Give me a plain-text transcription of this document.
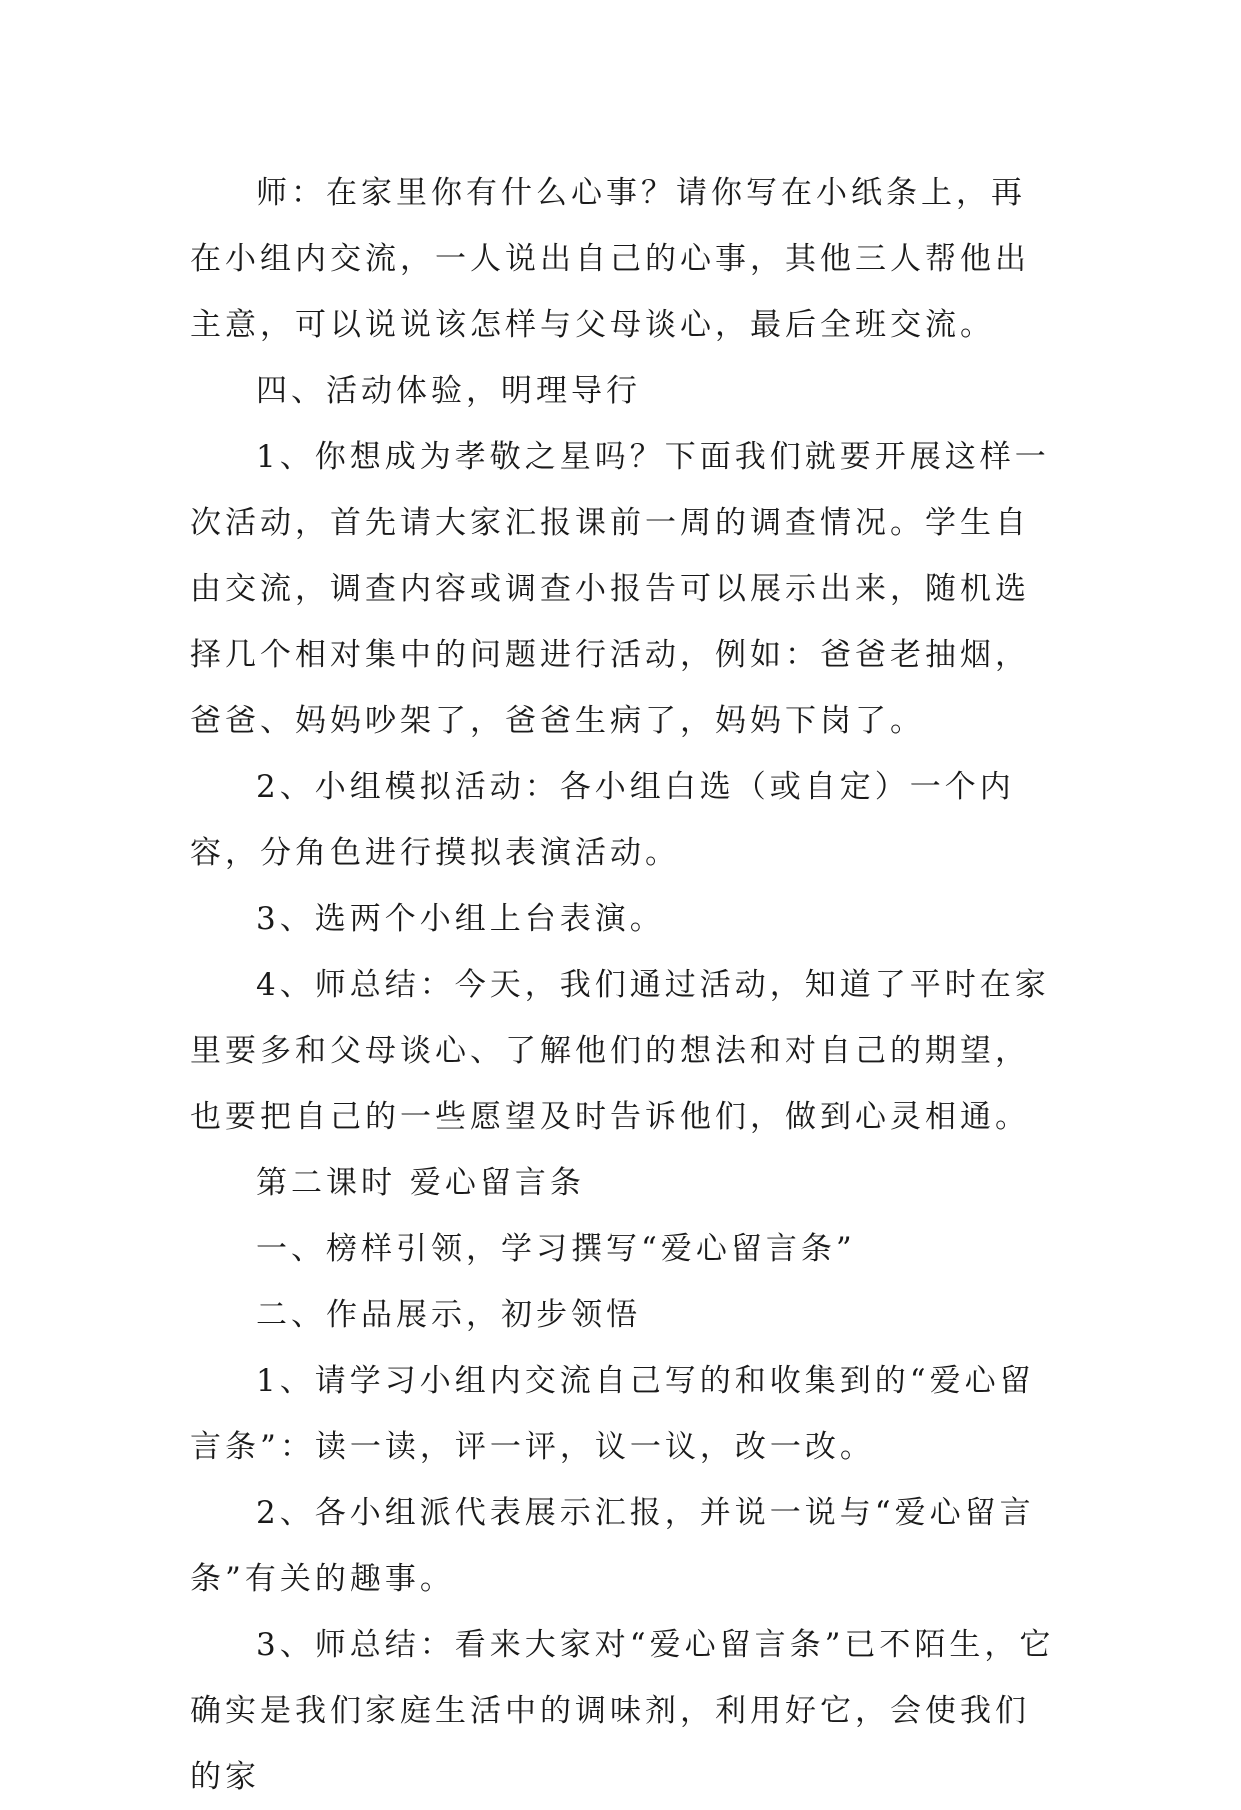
师：在家里你有什么心事？请你写在小纸条上，再在小组内交流，一人说出自己的心事，其他三人帮他出主意，可以说说该怎样与父母谈心，最后全班交流。

四、活动体验，明理导行

1、你想成为孝敬之星吗？下面我们就要开展这样一次活动，首先请大家汇报课前一周的调查情况。学生自由交流，调查内容或调查小报告可以展示出来，随机选择几个相对集中的问题进行活动，例如：爸爸老抽烟，爸爸、妈妈吵架了，爸爸生病了，妈妈下岗了。

2、小组模拟活动：各小组白选（或自定）一个内容，分角色进行摸拟表演活动。

3、选两个小组上台表演。

4、师总结：今天，我们通过活动，知道了平时在家里要多和父母谈心、了解他们的想法和对自己的期望，也要把自己的一些愿望及时告诉他们，做到心灵相通。

第二课时 爱心留言条

一、榜样引领，学习撰写“爱心留言条”

二、作品展示，初步领悟

1、请学习小组内交流自己写的和收集到的“爱心留言条”：读一读，评一评，议一议，改一改。

2、各小组派代表展示汇报，并说一说与“爱心留言条”有关的趣事。

3、师总结：看来大家对“爱心留言条”已不陌生，它确实是我们家庭生活中的调味剂，利用好它，会使我们的家
